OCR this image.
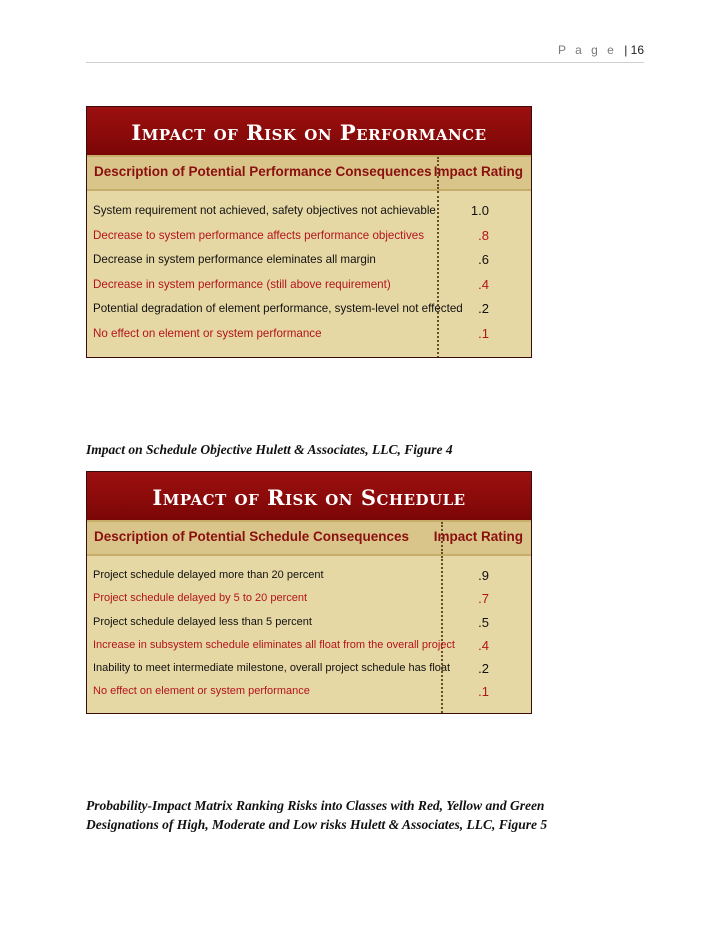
P a g e | 16
Impact of Risk on Performance
Description of Potential Performance Consequences Impact Rating
System requirement not achieved, safety objectives not achievable	1.0
Decrease to system performance affects performance objectives	.8
Decrease in system performance eleminates all margin	.6
Decrease in system performance (still above requirement)	.4
Potential degradation of element performance, system-level not effected .2
No effect on element or system performance	.1
Impact on Schedule Objective Hulett & Associates, LLC, Figure 4
Impact of Risk on Schedule
Description of Potential Schedule Consequences Impact Rating
Project schedule delayed more than 20 percent	.9
Project schedule delayed by 5 to 20 percent	.7
Project schedule delayed less than 5 percent	.5
Increase in subsystem schedule eliminates all float from the overall project .4
Inability to meet intermediate milestone, overall project schedule has float .2
No effect on element or system performance	.1
Probability-Impact Matrix Ranking Risks into Classes with Red, Yellow and Green Designations of High, Moderate and Low risks Hulett & Associates, LLC, Figure 5
